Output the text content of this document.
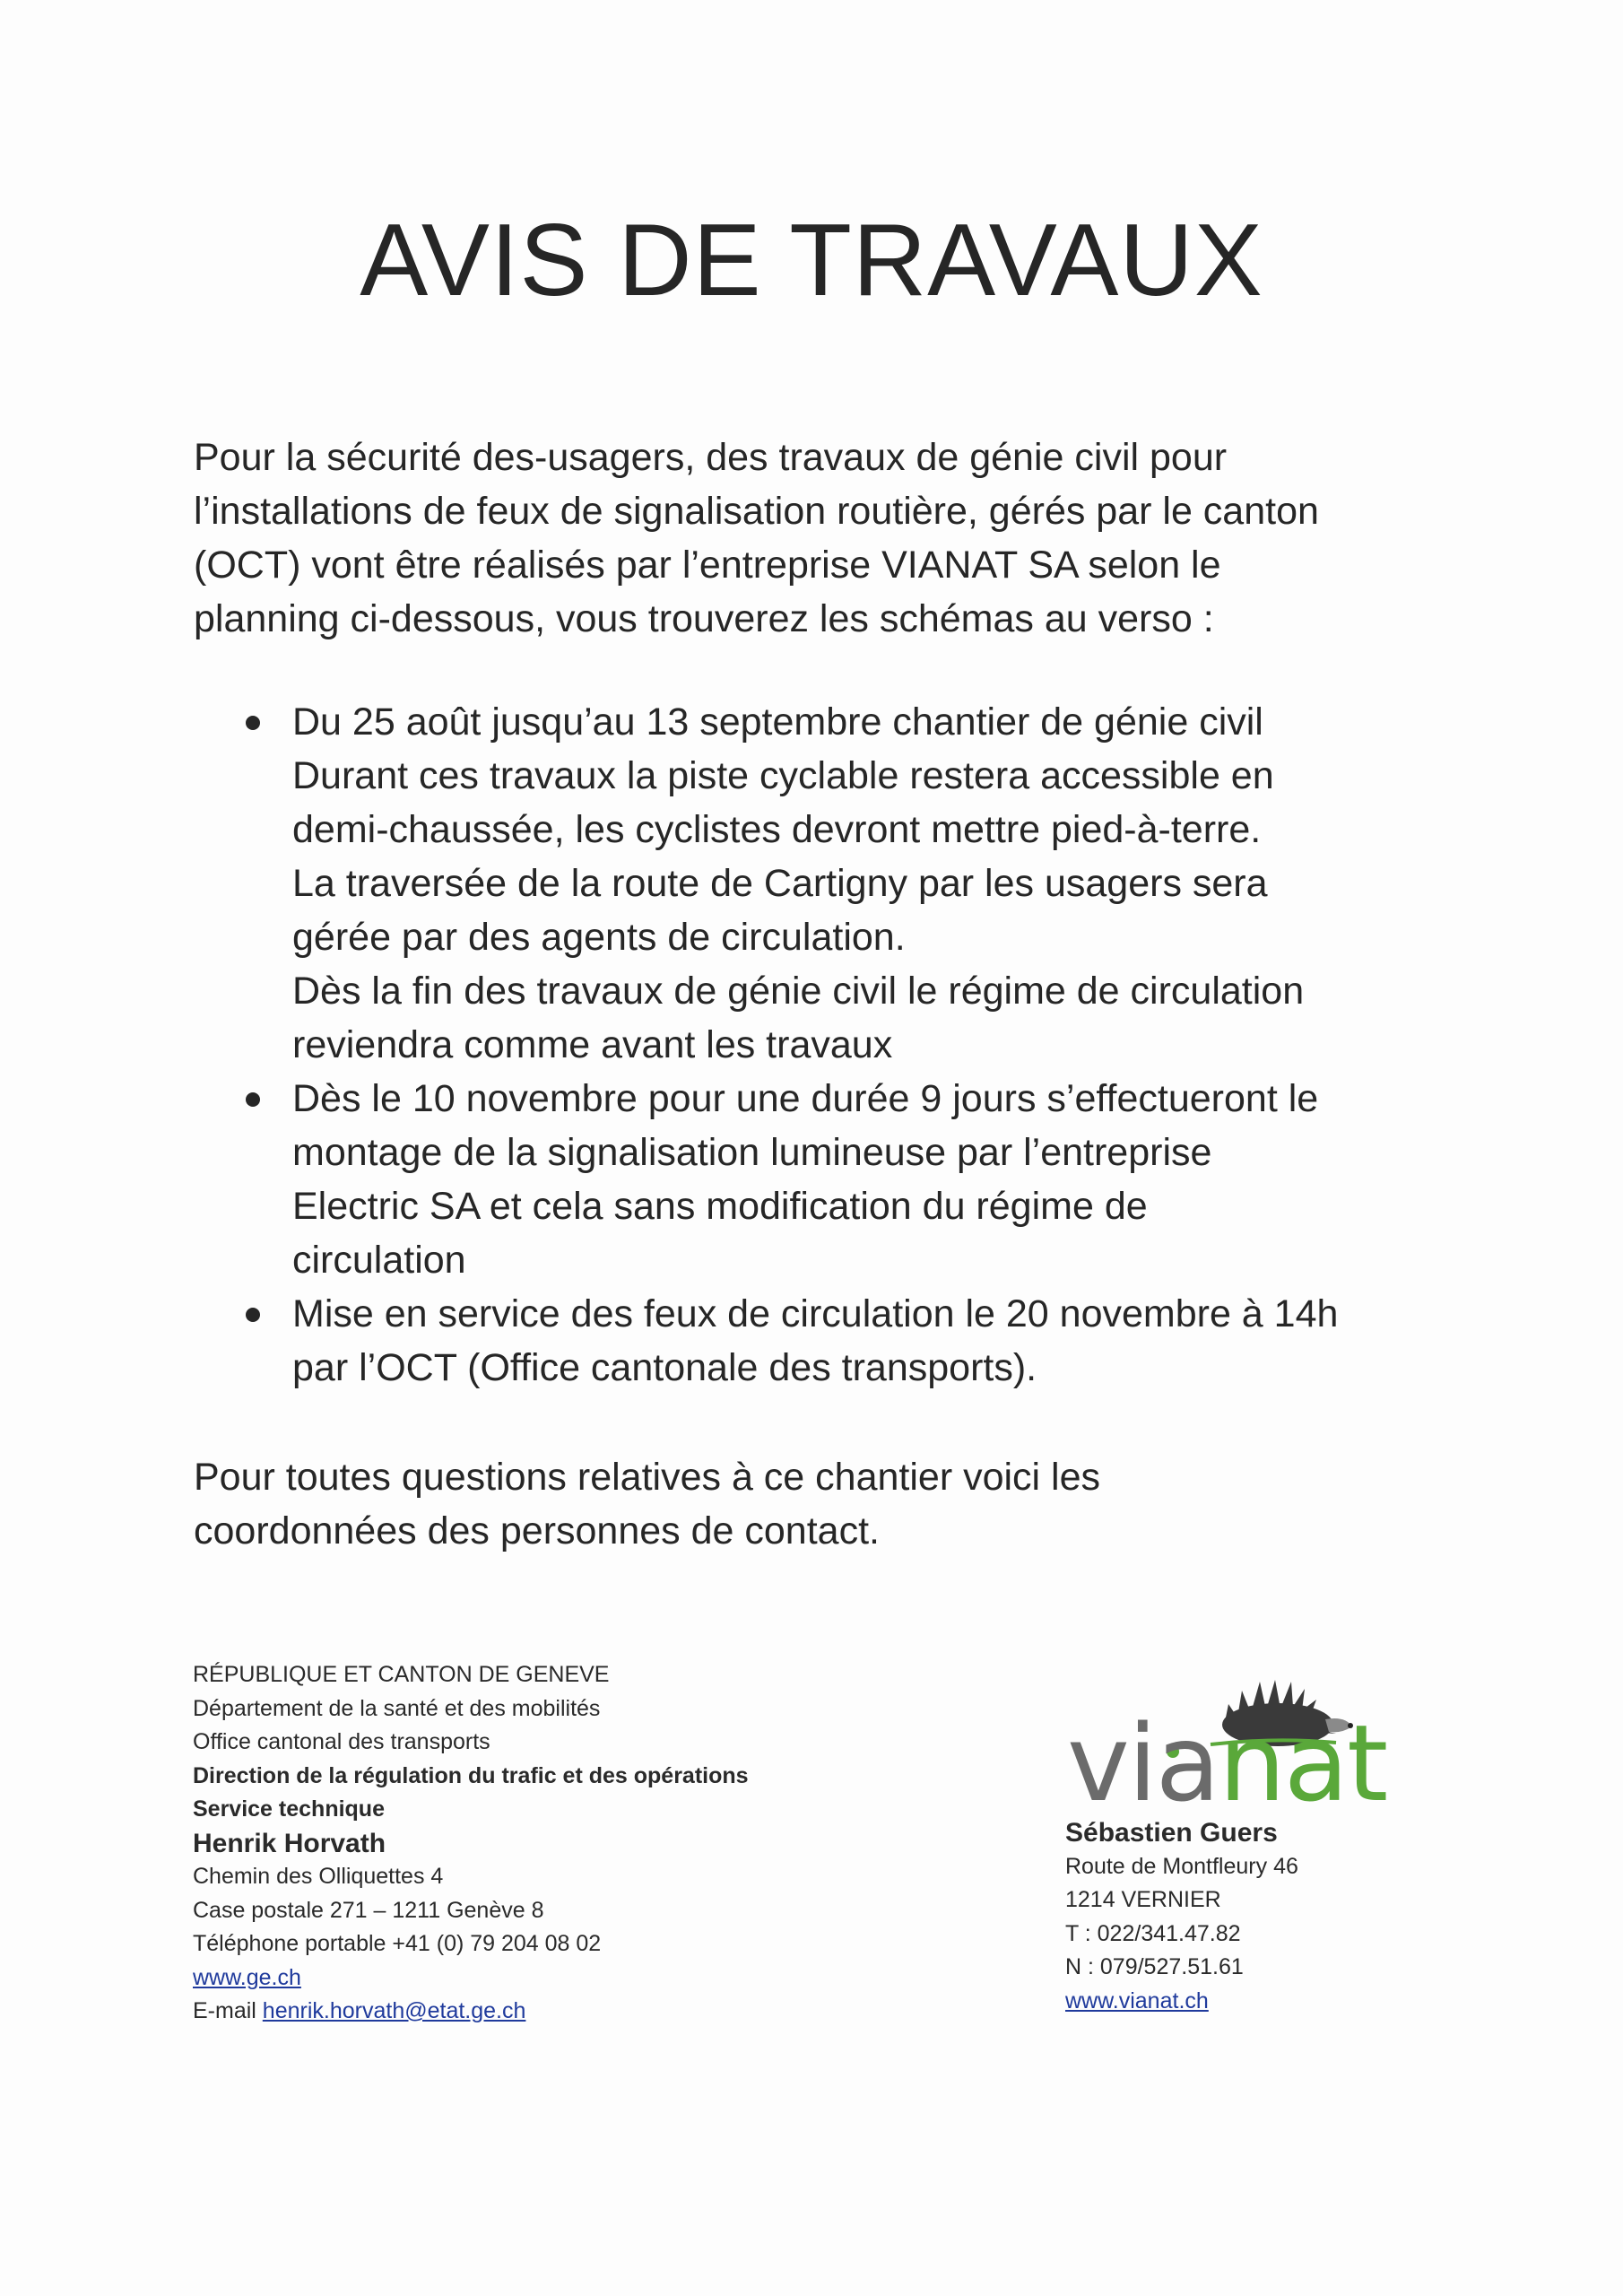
AVIS DE TRAVAUX
Pour la sécurité des-usagers, des travaux de génie civil pour
l’installations de feux de signalisation routière, gérés par le canton
(OCT) vont être réalisés par l’entreprise VIANAT SA selon le
planning ci-dessous, vous trouverez les schémas au verso :
Du 25 août jusqu’au 13 septembre chantier de génie civil
Durant ces travaux la piste cyclable restera accessible en
demi-chaussée, les cyclistes devront mettre pied-à-terre.
La traversée de la route de Cartigny par les usagers sera
gérée par des agents de circulation.
Dès la fin des travaux de génie civil le régime de circulation
reviendra comme avant les travaux
Dès le 10 novembre pour une durée 9 jours s’effectueront le
montage de la signalisation lumineuse par l’entreprise
Electric SA et cela sans modification du régime de
circulation
Mise en service des feux de circulation le 20 novembre à 14h
par l’OCT (Office cantonale des transports).
Pour toutes questions relatives à ce chantier voici les
coordonnées des personnes de contact.
RÉPUBLIQUE ET CANTON DE GENEVE
Département de la santé et des mobilités
Office cantonal des transports
Direction de la régulation du trafic et des opérations
Service technique
Henrik Horvath
Chemin des Olliquettes 4
Case postale 271 – 1211 Genève 8
Téléphone portable +41 (0) 79 204 08 02
www.ge.ch
E-mail henrik.horvath@etat.ge.ch
vianat
Sébastien Guers
Route de Montfleury 46
1214 VERNIER
T : 022/341.47.82
N : 079/527.51.61
www.vianat.ch
